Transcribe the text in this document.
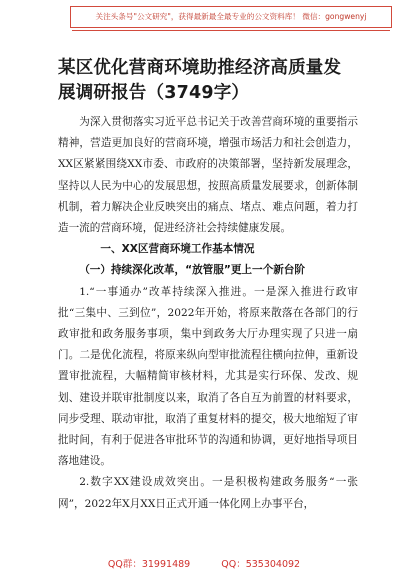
关注头条号"公文研究"，获得最新最全最专业的公文资料库！ 微信：gongwenyj
某区优化营商环境助推经济高质量发展调研报告（3749字）

为深入贯彻落实习近平总书记关于改善营商环境的重要指示精神，营造更加良好的营商环境，增强市场活力和社会创造力，XX区紧紧围绕XX市委、市政府的决策部署，坚持新发展理念，坚持以人民为中心的发展思想，按照高质量发展要求，创新体制机制，着力解决企业反映突出的痛点、堵点、难点问题，着力打造一流的营商环境，促进经济社会持续健康发展。

一、XX区营商环境工作基本情况

（一）持续深化改革，“放管服”更上一个新台阶

1.“一事通办”改革持续深入推进。一是深入推进行政审批“三集中、三到位”，2022年开始，将原来散落在各部门的行政审批和政务服务事项，集中到政务大厅办理实现了只进一扇门。二是优化流程，将原来纵向型审批流程往横向拉伸，重新设置审批流程，大幅精简审核材料，尤其是实行环保、发改、规划、建设并联审批制度以来，取消了各自互为前置的材料要求，同步受理、联动审批，取消了重复材料的提交，极大地缩短了审批时间，有利于促进各审批环节的沟通和协调，更好地指导项目落地建设。

2.数字XX建设成效突出。一是积极构建政务服务“一张网”，2022年X月XX日正式开通一体化网上办事平台，

QQ群：31991489	QQ：535304092
